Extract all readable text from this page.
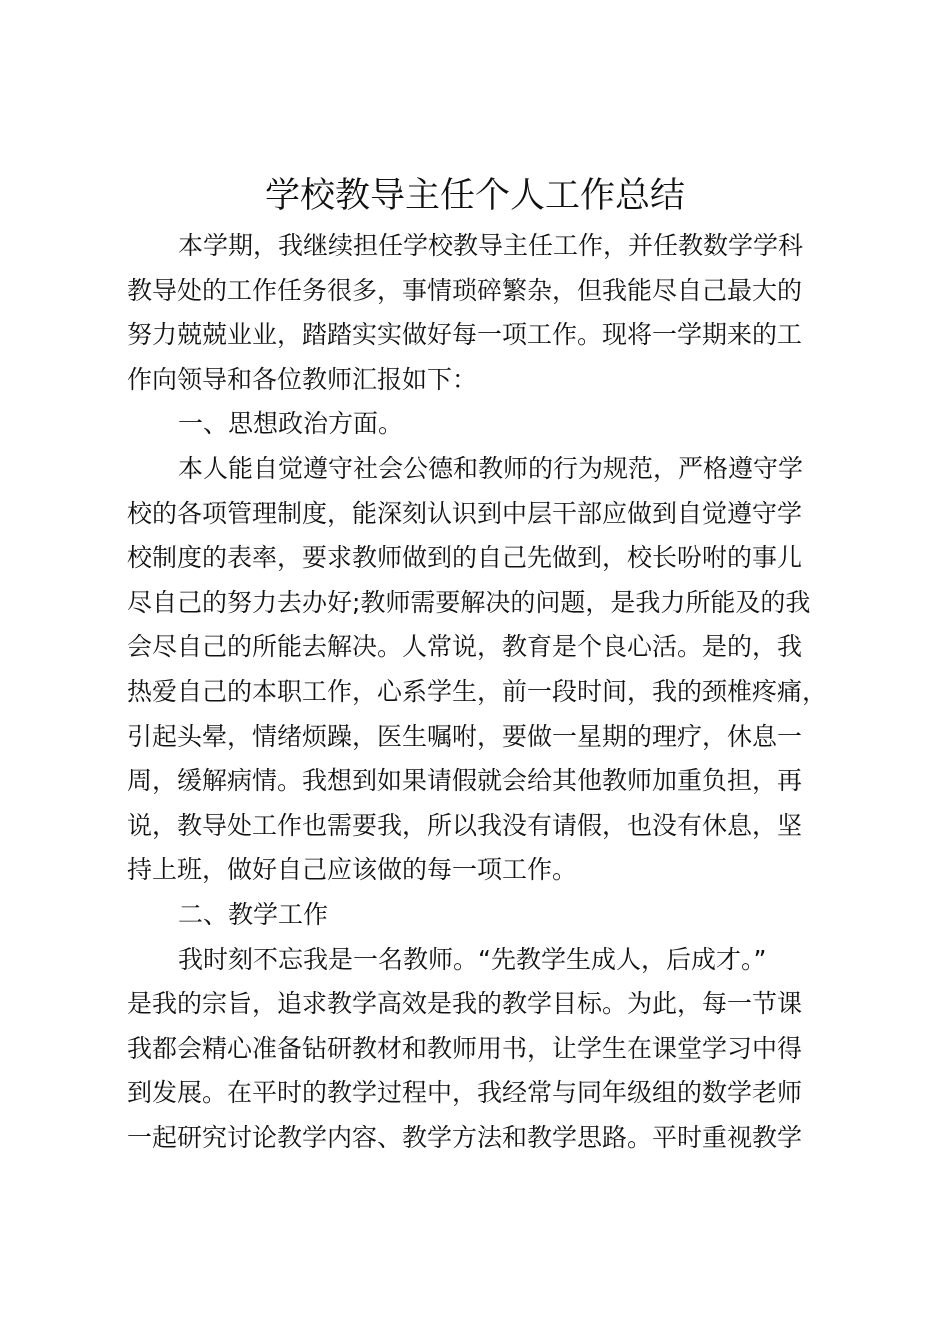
学校教导主任个人工作总结
本学期，我继续担任学校教导主任工作，并任教数学学科
教导处的工作任务很多，事情琐碎繁杂，但我能尽自己最大的
努力兢兢业业，踏踏实实做好每一项工作。现将一学期来的工
作向领导和各位教师汇报如下：
一、思想政治方面。
本人能自觉遵守社会公德和教师的行为规范，严格遵守学
校的各项管理制度，能深刻认识到中层干部应做到自觉遵守学
校制度的表率，要求教师做到的自己先做到，校长吩咐的事儿
尽自己的努力去办好;教师需要解决的问题，是我力所能及的我
会尽自己的所能去解决。人常说，教育是个良心活。是的，我
热爱自己的本职工作，心系学生，前一段时间，我的颈椎疼痛，
引起头晕，情绪烦躁，医生嘱咐，要做一星期的理疗，休息一
周，缓解病情。我想到如果请假就会给其他教师加重负担，再
说，教导处工作也需要我，所以我没有请假，也没有休息，坚
持上班，做好自己应该做的每一项工作。
二、教学工作
我时刻不忘我是一名教师。“先教学生成人，后成才。”
是我的宗旨，追求教学高效是我的教学目标。为此，每一节课
我都会精心准备钻研教材和教师用书，让学生在课堂学习中得
到发展。在平时的教学过程中，我经常与同年级组的数学老师
一起研究讨论教学内容、教学方法和教学思路。平时重视教学
